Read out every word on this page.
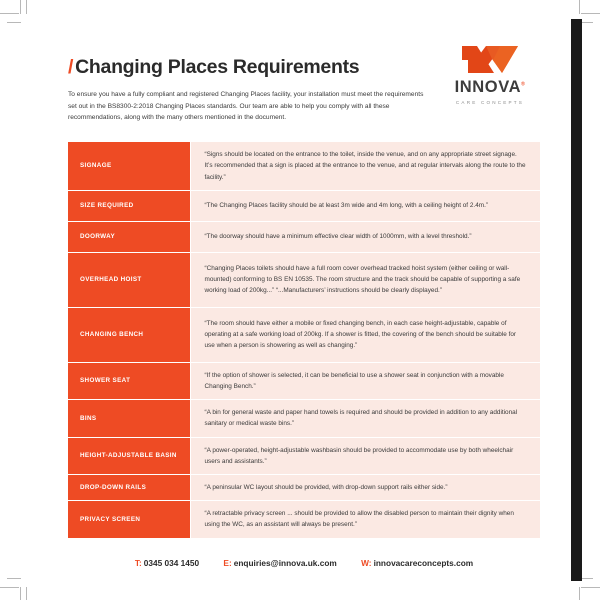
/ Changing Places Requirements

To ensure you have a fully compliant and registered Changing Places facility, your installation must meet the requirements set out in the BS8300-2:2018 Changing Places standards. Our team are able to help you comply with all these recommendations, along with the many others mentioned in the document.

INNOVA®
CARE CONCEPTS
SIGNAGE	“Signs should be located on the entrance to the toilet, inside the venue, and on any appropriate street signage. It’s recommended that a sign is placed at the entrance to the venue, and at regular intervals along the route to the facility.”
SIZE REQUIRED	“The Changing Places facility should be at least 3m wide and 4m long, with a ceiling height of 2.4m.”
DOORWAY	“The doorway should have a minimum effective clear width of 1000mm, with a level threshold.”
OVERHEAD HOIST	“Changing Places toilets should have a full room cover overhead tracked hoist system (either ceiling or wall-mounted) conforming to BS EN 10535. The room structure and the track should be capable of supporting a safe working load of 200kg...” “...Manufacturers’ instructions should be clearly displayed.”
CHANGING BENCH	“The room should have either a mobile or fixed changing bench, in each case height-adjustable, capable of operating at a safe working load of 200kg. If a shower is fitted, the covering of the bench should be suitable for use when a person is showering as well as changing.”
SHOWER SEAT	“If the option of shower is selected, it can be beneficial to use a shower seat in conjunction with a movable Changing Bench.”
BINS	“A bin for general waste and paper hand towels is required and should be provided in addition to any additional sanitary or medical waste bins.”
HEIGHT-ADJUSTABLE BASIN	“A power-operated, height-adjustable washbasin should be provided to accommodate use by both wheelchair users and assistants.”
DROP-DOWN RAILS	“A peninsular WC layout should be provided, with drop-down support rails either side.”
PRIVACY SCREEN	“A retractable privacy screen ... should be provided to allow the disabled person to maintain their dignity when using the WC, as an assistant will always be present.”
T: 0345 034 1450	E: enquiries@innova.uk.com	W: innovacareconcepts.com
